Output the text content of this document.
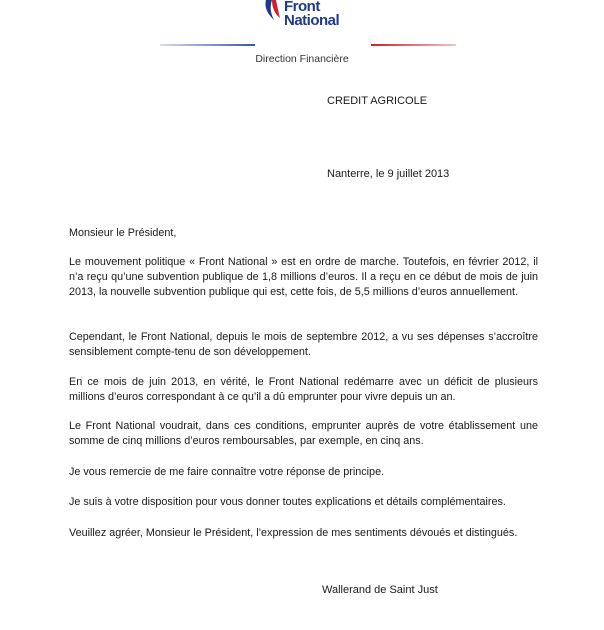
Front
National
Direction Financière
CREDIT AGRICOLE
Nanterre, le 9 juillet 2013
Monsieur le Président,

Le mouvement politique « Front National » est en ordre de marche. Toutefois, en février 2012, il n’a reçu qu’une subvention publique de 1,8 millions d’euros. Il a reçu en ce début de mois de juin 2013, la nouvelle subvention publique qui est, cette fois, de 5,5 millions d’euros annuellement.

Cependant, le Front National, depuis le mois de septembre 2012, a vu ses dépenses s’accroître sensiblement compte-tenu de son développement.

En ce mois de juin 2013, en vérité, le Front National redémarre avec un déficit de plusieurs millions d’euros correspondant à ce qu’il a dû emprunter pour vivre depuis un an.

Le Front National voudrait, dans ces conditions, emprunter auprès de votre établissement une somme de cinq millions d’euros remboursables, par exemple, en cinq ans.

Je vous remercie de me faire connaître votre réponse de principe.

Je suis à votre disposition pour vous donner toutes explications et détails complémentaires.

Veuillez agréer, Monsieur le Président, l’expression de mes sentiments dévoués et distingués.

Wallerand de Saint Just
